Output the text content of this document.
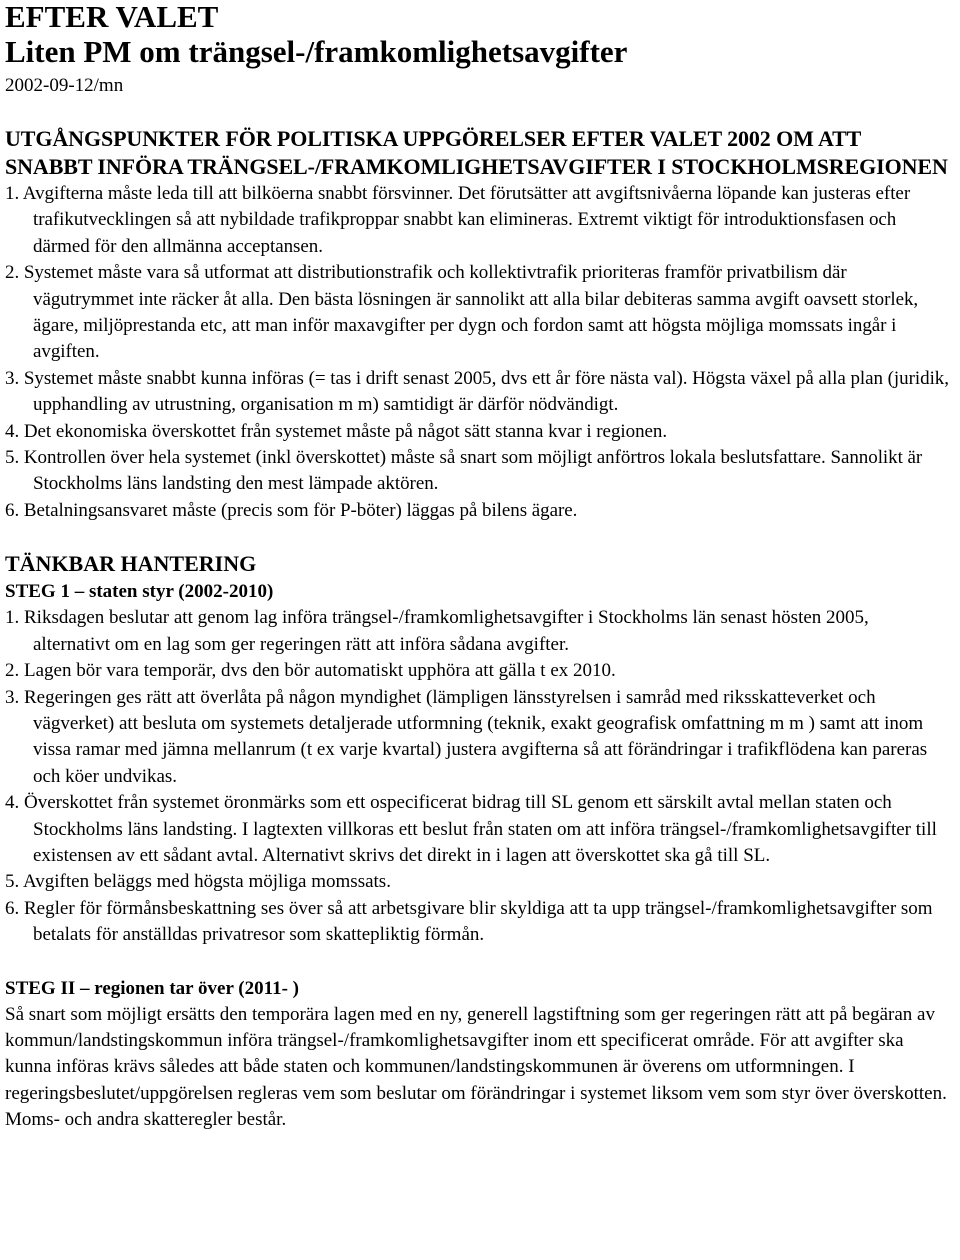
EFTER VALET
Liten PM om trängsel-/framkomlighetsavgifter
2002-09-12/mn
UTGÅNGSPUNKTER FÖR POLITISKA UPPGÖRELSER EFTER VALET 2002 OM ATT SNABBT INFÖRA TRÄNGSEL-/FRAMKOMLIGHETSAVGIFTER I STOCKHOLMSREGIONEN
1. Avgifterna måste leda till att bilköerna snabbt försvinner. Det förutsätter att avgiftsnivåerna löpande kan justeras efter trafikutvecklingen så att nybildade trafikproppar snabbt kan elimineras. Extremt viktigt för introduktionsfasen och därmed för den allmänna acceptansen.
2. Systemet måste vara så utformat att distributionstrafik och kollektivtrafik prioriteras framför privatbilism där vägutrymmet inte räcker åt alla. Den bästa lösningen är sannolikt att alla bilar debiteras samma avgift oavsett storlek, ägare, miljöprestanda etc, att man inför maxavgifter per dygn och fordon samt att högsta möjliga momssats ingår i avgiften.
3. Systemet måste snabbt kunna införas (= tas i drift senast 2005, dvs ett år före nästa val). Högsta växel på alla plan (juridik, upphandling av utrustning, organisation m m) samtidigt är därför nödvändigt.
4. Det ekonomiska överskottet från systemet måste på något sätt stanna kvar i regionen.
5. Kontrollen över hela systemet (inkl överskottet) måste så snart som möjligt anförtros lokala beslutsfattare. Sannolikt är Stockholms läns landsting den mest lämpade aktören.
6. Betalningsansvaret måste (precis som för P-böter) läggas på bilens ägare.
TÄNKBAR HANTERING
STEG 1 – staten styr (2002-2010)
1. Riksdagen beslutar att genom lag införa trängsel-/framkomlighetsavgifter i Stockholms län senast hösten 2005, alternativt om en lag som ger regeringen rätt att införa sådana avgifter.
2. Lagen bör vara temporär, dvs den bör automatiskt upphöra att gälla t ex 2010.
3. Regeringen ges rätt att överlåta på någon myndighet (lämpligen länsstyrelsen i samråd med riksskatteverket och vägverket) att besluta om systemets detaljerade utformning (teknik, exakt geografisk omfattning m m ) samt att inom vissa ramar med jämna mellanrum (t ex varje kvartal) justera avgifterna så att förändringar i trafikflödena kan pareras och köer undvikas.
4. Överskottet från systemet öronmärks som ett ospecificerat bidrag till SL genom ett särskilt avtal mellan staten och Stockholms läns landsting. I lagtexten villkoras ett beslut från staten om att införa trängsel-/framkomlighetsavgifter till existensen av ett sådant avtal. Alternativt skrivs det direkt in i lagen att överskottet ska gå till SL.
5. Avgiften beläggs med högsta möjliga momssats.
6. Regler för förmånsbeskattning ses över så att arbetsgivare blir skyldiga att ta upp trängsel-/framkomlighetsavgifter som betalats för anställdas privatresor som skattepliktig förmån.
STEG II – regionen tar över (2011- )
Så snart som möjligt ersätts den temporära lagen med en ny, generell lagstiftning som ger regeringen rätt att på begäran av kommun/landstingskommun införa trängsel-/framkomlighetsavgifter inom ett specificerat område. För att avgifter ska kunna införas krävs således att både staten och kommunen/landstingskommunen är överens om utformningen. I regeringsbeslutet/uppgörelsen regleras vem som beslutar om förändringar i systemet liksom vem som styr över överskotten. Moms- och andra skatteregler består.
